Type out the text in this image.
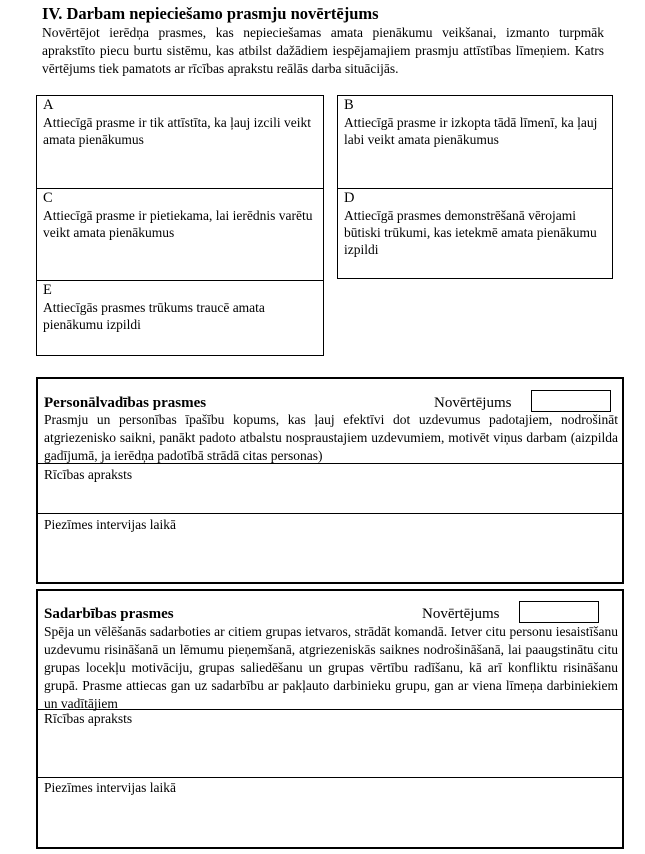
IV. Darbam nepieciešamo prasmju novērtējums
Novērtējot ierēdņa prasmes, kas nepieciešamas amata pienākumu veikšanai, izmanto turpmāk aprakstīto piecu burtu sistēmu, kas atbilst dažādiem iespējamajiem prasmju attīstības līmeņiem. Katrs vērtējums tiek pamatots ar rīcības aprakstu reālās darba situācijās.
A
Attiecīgā prasme ir tik attīstīta, ka ļauj izcili veikt amata pienākumus
B
Attiecīgā prasme ir izkopta tādā līmenī, ka ļauj labi veikt amata pienākumus
C
Attiecīgā prasme ir pietiekama, lai ierēdnis varētu veikt amata pienākumus
D
Attiecīgā prasmes demonstrēšanā vērojami būtiski trūkumi, kas ietekmē amata pienākumu izpildi
E
Attiecīgās prasmes trūkums traucē amata pienākumu izpildi
Personālvadības prasmes	Novērtējums
Prasmju un personības īpašību kopums, kas ļauj efektīvi dot uzdevumus padotajiem, nodrošināt atgriezenisko saikni, panākt padoto atbalstu nospraustajiem uzdevumiem, motivēt viņus darbam (aizpilda gadījumā, ja ierēdņa padotībā strādā citas personas)
Rīcības apraksts
Piezīmes intervijas laikā
Sadarbības prasmes	Novērtējums
Spēja un vēlēšanās sadarboties ar citiem grupas ietvaros, strādāt komandā. Ietver citu personu iesaistīšanu uzdevumu risināšanā un lēmumu pieņemšanā, atgriezeniskās saiknes nodrošināšanā, lai paaugstinātu citu grupas locekļu motivāciju, grupas saliedēšanu un grupas vērtību radīšanu, kā arī konfliktu risināšanu grupā. Prasme attiecas gan uz sadarbību ar pakļauto darbinieku grupu, gan ar viena līmeņa darbiniekiem un vadītājiem
Rīcības apraksts
Piezīmes intervijas laikā
